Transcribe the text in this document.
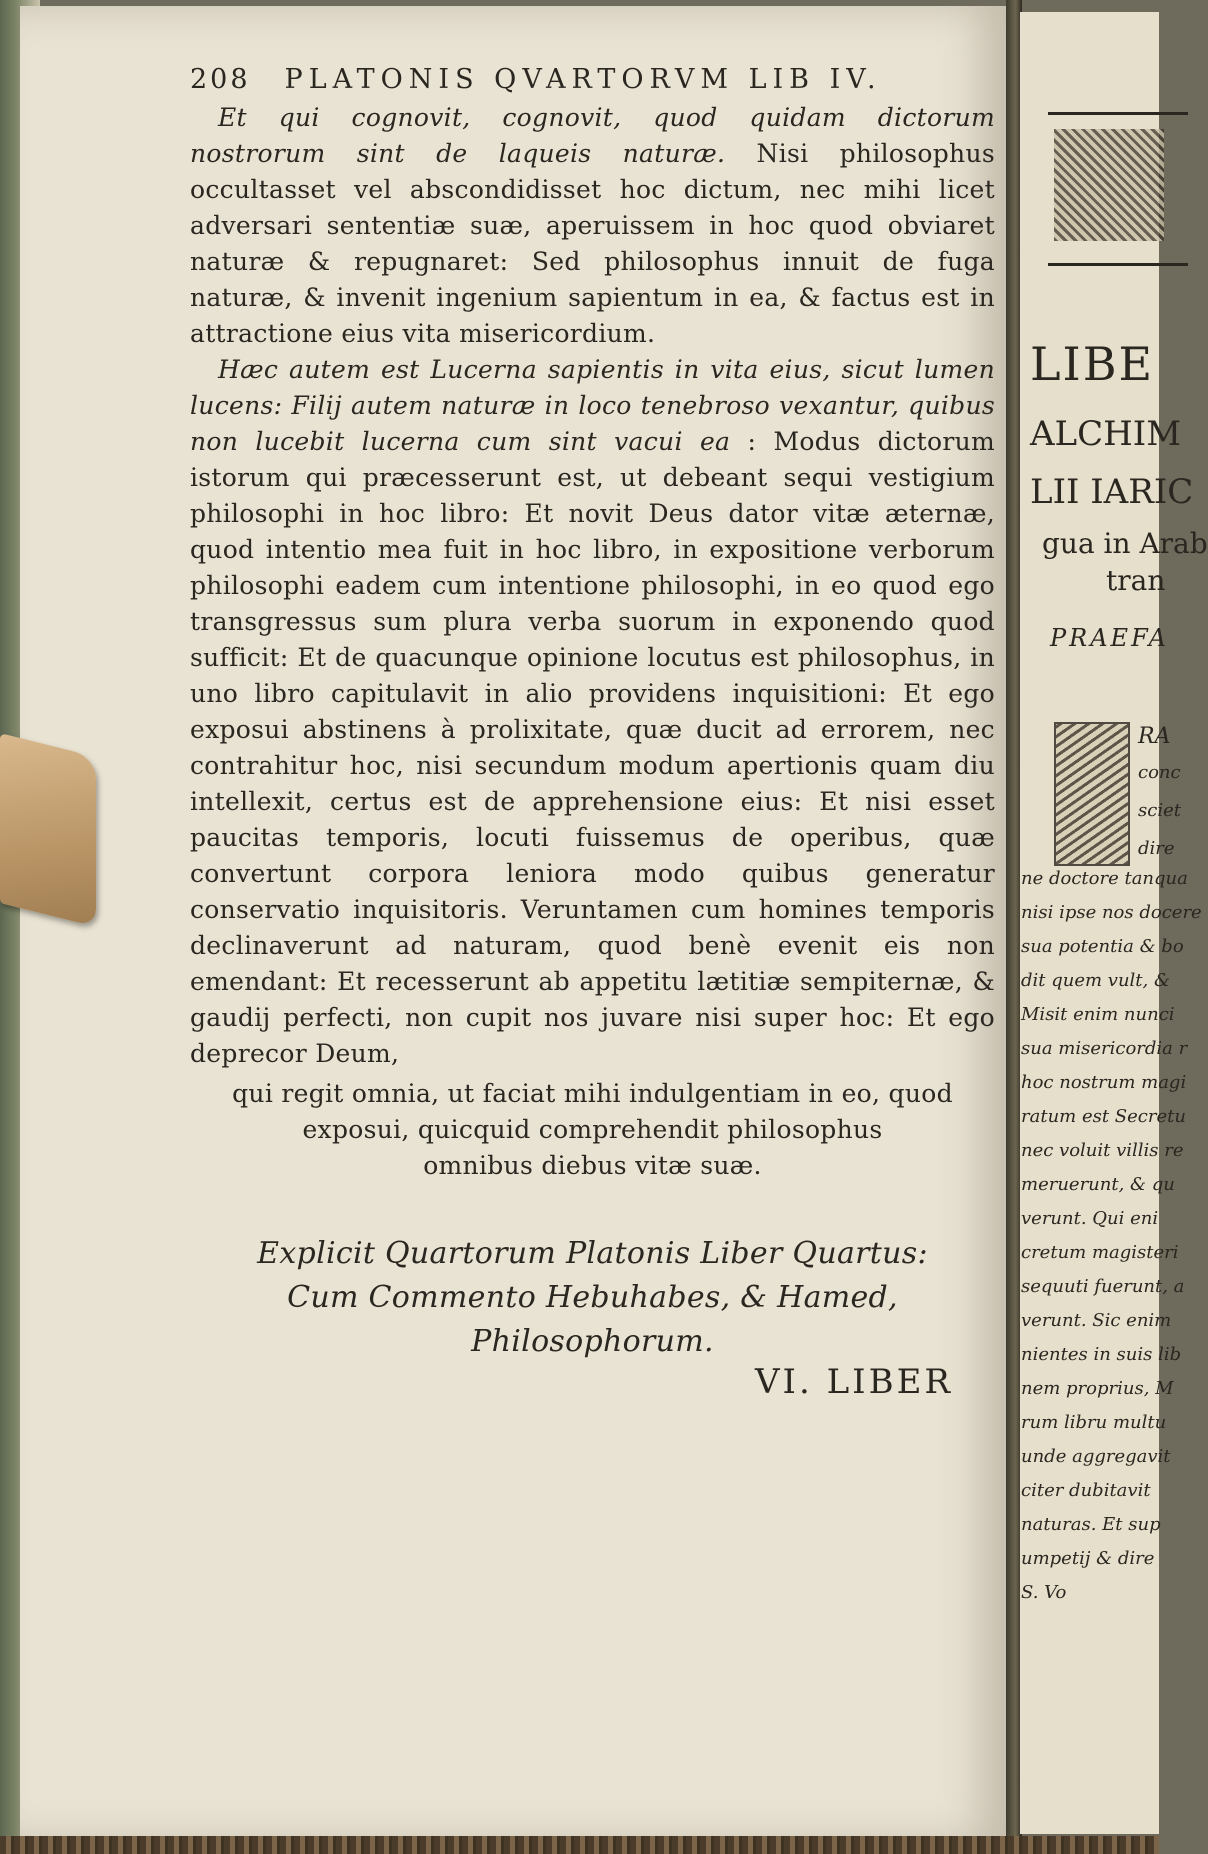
LIBE
ALCHIM
LII IARIC
gua in Arab
tran
PRAEFA
RA
conc
sciet
dire
ne doctore tanqua
nisi ipse nos docere
sua potentia & bo
dit quem vult, &
Misit enim nunci
sua misericordia r
hoc nostrum magi
ratum est Secretu
nec voluit villis re
meruerunt, & qu
verunt. Qui eni
cretum magisteri
sequuti fuerunt, a
verunt. Sic enim
nientes in suis lib
nem proprius, M
rum libru multu
unde aggregavit
citer dubitavit
naturas. Et sup
umpetij & dire
S. Vo
208 PLATONIS QVARTORVM LIB IV.

Et qui cognovit, cognovit, quod quidam dictorum nostrorum sint de laqueis naturæ. Nisi philosophus occultasset vel abscondidisset hoc dictum, nec mihi licet adversari sententiæ suæ, aperuissem in hoc quod obviaret naturæ & repugnaret: Sed philosophus innuit de fuga naturæ, & invenit ingenium sapientum in ea, & factus est in attractione eius vita misericordium.

Hæc autem est Lucerna sapientis in vita eius, sicut lumen lucens: Filij autem naturæ in loco tenebroso vexantur, quibus non lucebit lucerna cum sint vacui ea : Modus dictorum istorum qui præcesserunt est, ut debeant sequi vestigium philosophi in hoc libro: Et novit Deus dator vitæ æternæ, quod intentio mea fuit in hoc libro, in expositione verborum philosophi eadem cum intentione philosophi, in eo quod ego transgressus sum plura verba suorum in exponendo quod sufficit: Et de quacunque opinione locutus est philosophus, in uno libro capitulavit in alio providens inquisitioni: Et ego exposui abstinens à prolixitate, quæ ducit ad errorem, nec contrahitur hoc, nisi secundum modum apertionis quam diu intellexit, certus est de apprehensione eius: Et nisi esset paucitas temporis, locuti fuissemus de operibus, quæ convertunt corpora leniora modo quibus generatur conservatio inquisitoris. Veruntamen cum homines temporis declinaverunt ad naturam, quod benè evenit eis non emendant: Et recesserunt ab appetitu lætitiæ sempiternæ, & gaudij perfecti, non cupit nos juvare nisi super hoc: Et ego deprecor Deum,

qui regit omnia, ut faciat mihi indulgentiam in eo, quod
exposui, quicquid comprehendit philosophus
omnibus diebus vitæ suæ.
Explicit Quartorum Platonis Liber Quartus:
Cum Commento Hebuhabes, & Hamed,
Philosophorum.
VI. LIBER
